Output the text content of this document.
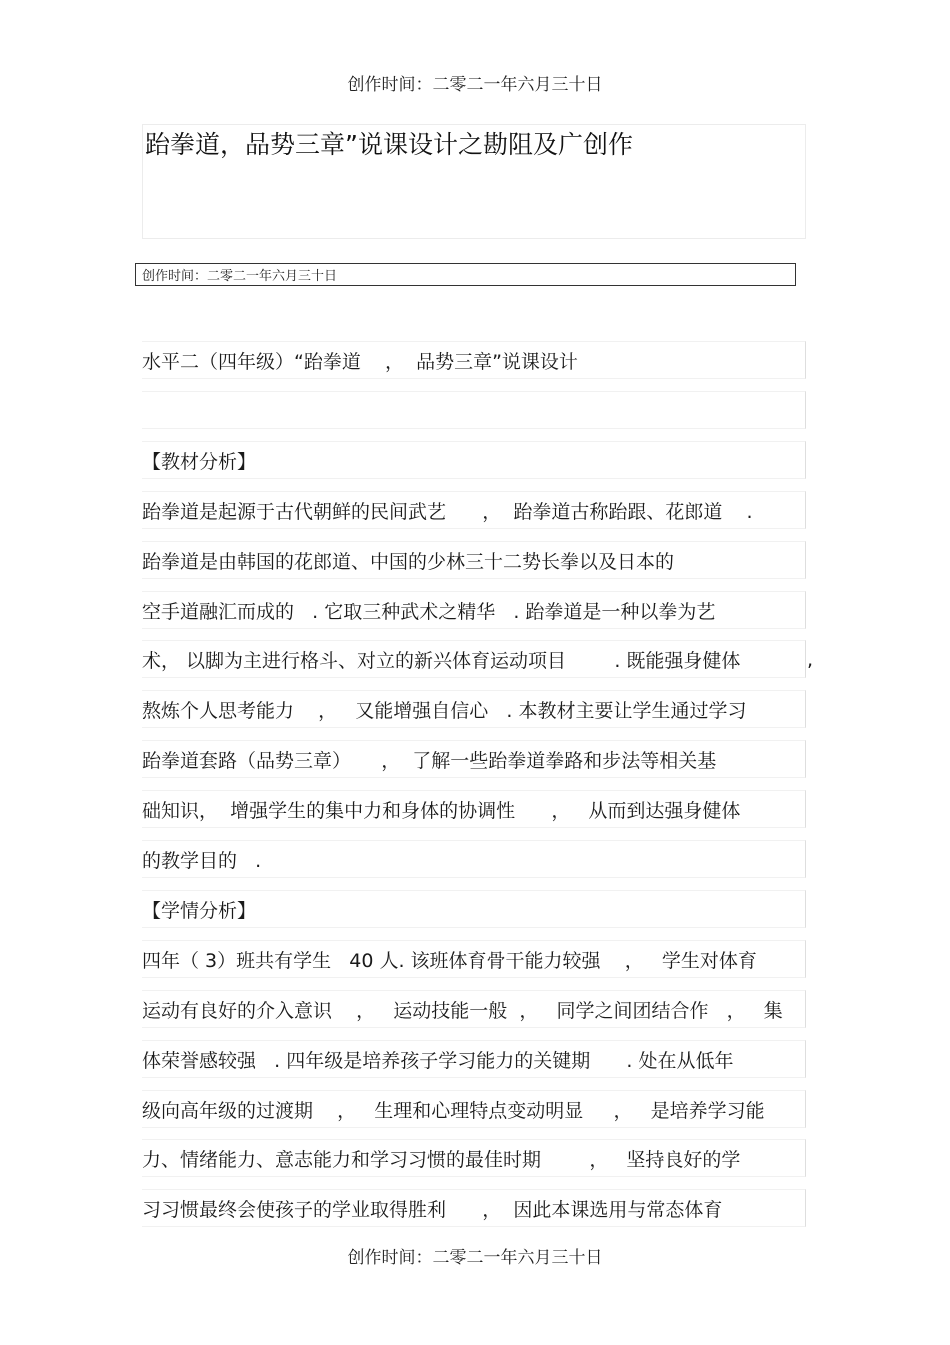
创作时间：二零二一年六月三十日
跆拳道，品势三章”说课设计之勘阻及广创作
创作时间：二零二一年六月三十日
水平二（四年级）“跆拳道    ，  品势三章”说课设计
【教材分析】
跆拳道是起源于古代朝鲜的民间武艺      ，  跆拳道古称跆跟、花郎道    .
跆拳道是由韩国的花郎道、中国的少林三十二势长拳以及日本的
空手道融汇而成的   . 它取三种武术之精华   . 跆拳道是一种以拳为艺
术， 以脚为主进行格斗、对立的新兴体育运动项目        . 既能强身健体
熬炼个人思考能力    ，   又能增强自信心   . 本教材主要让学生通过学习
跆拳道套路（品势三章）     ，  了解一些跆拳道拳路和步法等相关基
础知识，  增强学生的集中力和身体的协调性      ，   从而到达强身健体
的教学目的   .
【学情分析】
四年（ 3）班共有学生   40 人. 该班体育骨干能力较强    ，   学生对体育
运动有良好的介入意识    ，   运动技能一般  ，   同学之间团结合作   ，   集
体荣誉感较强   . 四年级是培养孩子学习能力的关键期      . 处在从低年
级向高年级的过渡期    ，   生理和心理特点变动明显     ，   是培养学习能
力、情绪能力、意志能力和学习习惯的最佳时期        ，   坚持良好的学
习习惯最终会使孩子的学业取得胜利      ，  因此本课选用与常态体育
,
创作时间：二零二一年六月三十日
